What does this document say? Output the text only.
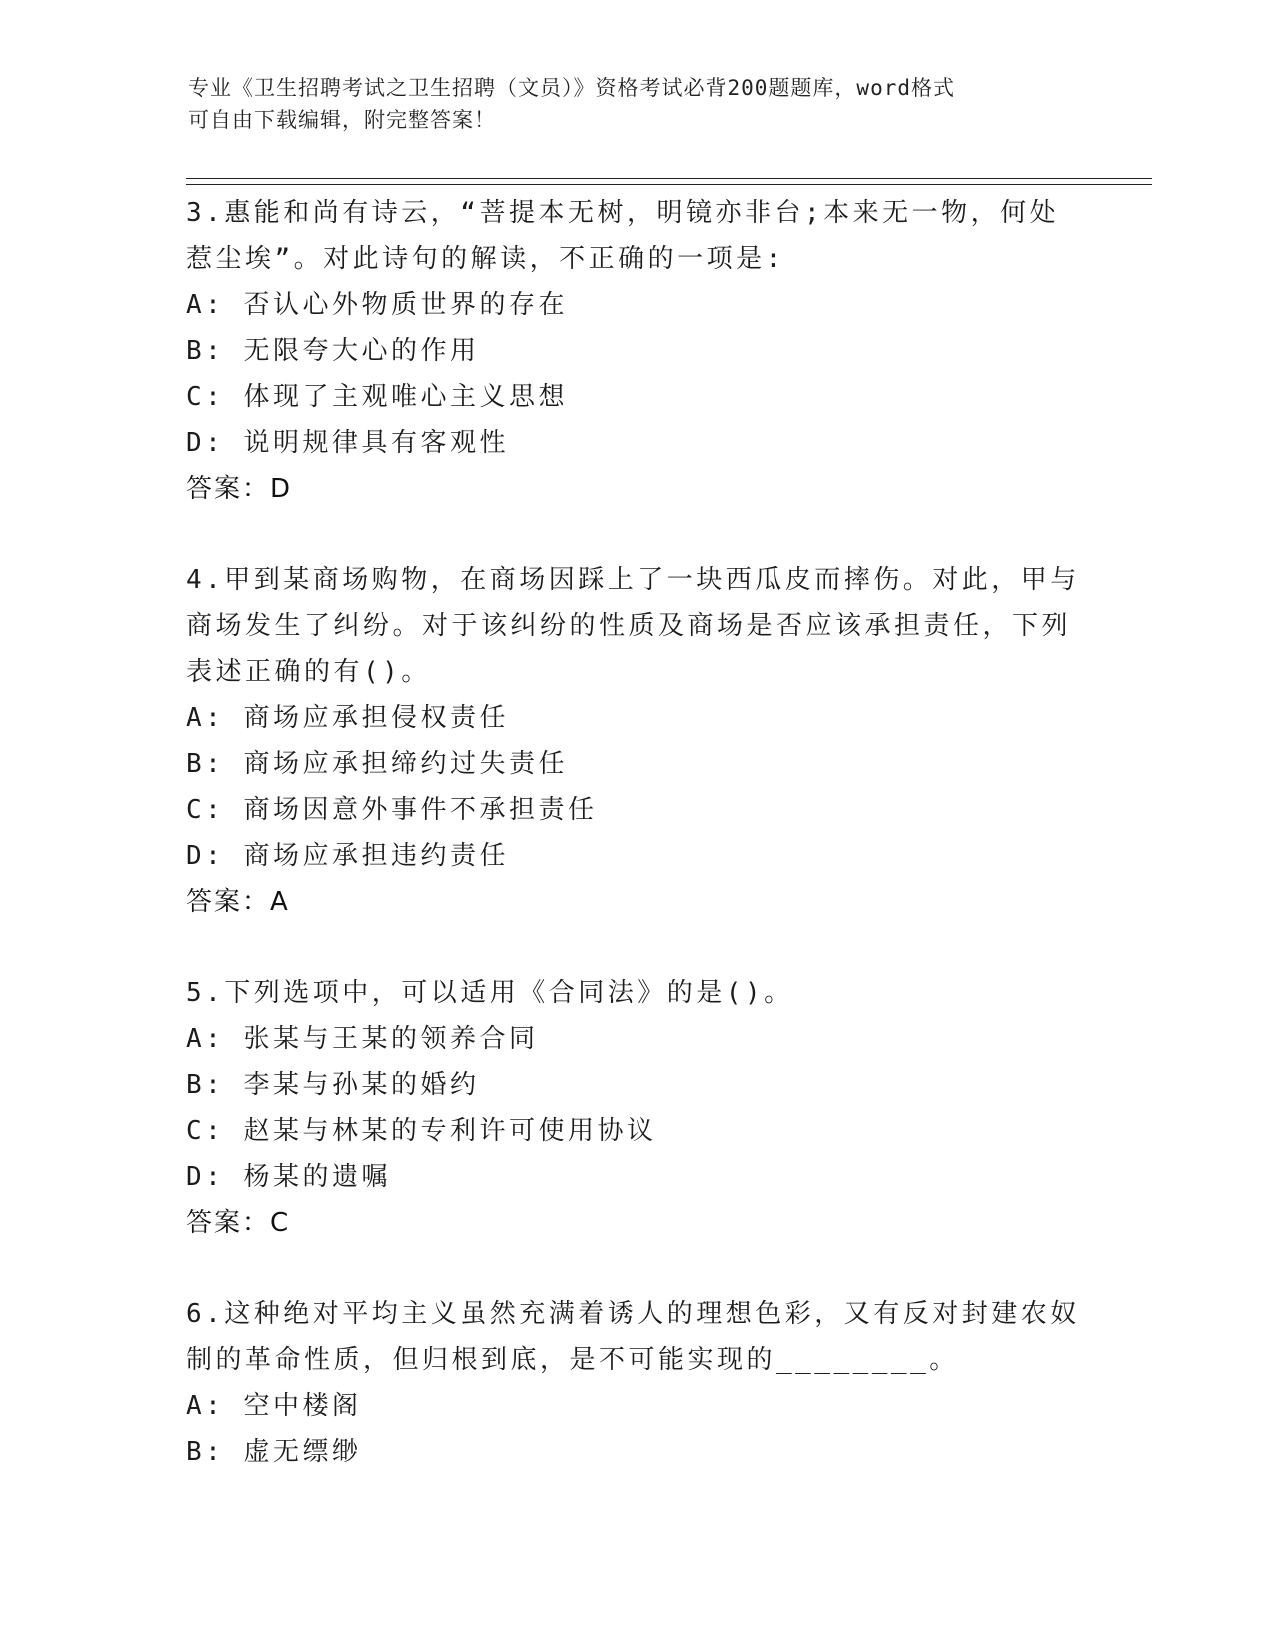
专业《卫生招聘考试之卫生招聘（文员）》资格考试必背200题题库，word格式
可自由下载编辑，附完整答案！

3.惠能和尚有诗云，“菩提本无树，明镜亦非台;本来无一物，何处惹尘埃”。对此诗句的解读，不正确的一项是:

A: 否认心外物质世界的存在

B: 无限夸大心的作用

C: 体现了主观唯心主义思想

D: 说明规律具有客观性

答案：D

4.甲到某商场购物，在商场因踩上了一块西瓜皮而摔伤。对此，甲与商场发生了纠纷。对于该纠纷的性质及商场是否应该承担责任，下列表述正确的有()。

A: 商场应承担侵权责任

B: 商场应承担缔约过失责任

C: 商场因意外事件不承担责任

D: 商场应承担违约责任

答案：A

5.下列选项中，可以适用《合同法》的是()。

A: 张某与王某的领养合同

B: 李某与孙某的婚约

C: 赵某与林某的专利许可使用协议

D: 杨某的遗嘱

答案：C

6.这种绝对平均主义虽然充满着诱人的理想色彩，又有反对封建农奴制的革命性质，但归根到底，是不可能实现的________。

A: 空中楼阁

B: 虚无缥缈
